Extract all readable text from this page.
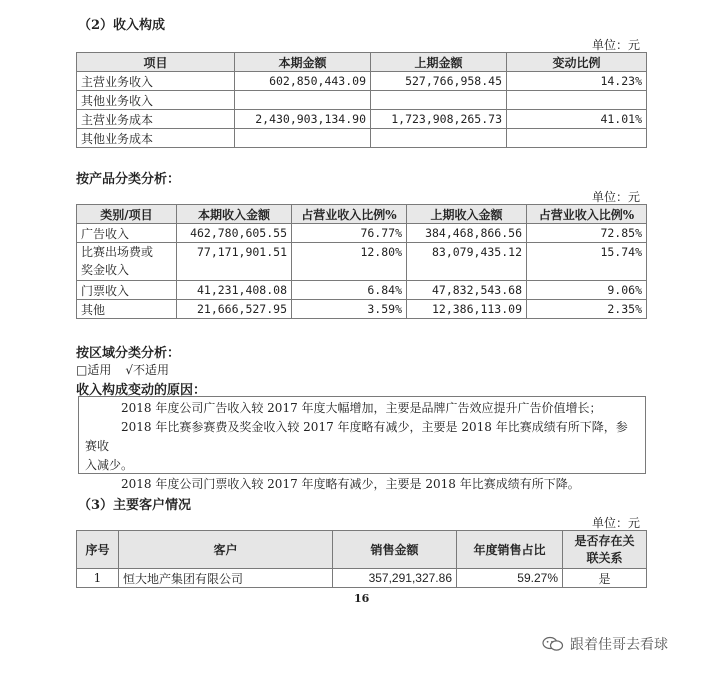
（2）收入构成
单位：元
项目	本期金额	上期金额	变动比例
主营业务收入	602,850,443.09	527,766,958.45	14.23%
其他业务收入			
主营业务成本	2,430,903,134.90	1,723,908,265.73	41.01%
其他业务成本			
按产品分类分析：
单位：元
类别/项目	本期收入金额	占营业收入比例%	上期收入金额	占营业收入比例%
广告收入	462,780,605.55	76.77%	384,468,866.56	72.85%

比赛出场费或
奖金收入	77,171,901.51	12.80%	83,079,435.12	15.74%
门票收入	41,231,408.08	6.84%	47,832,543.68	9.06%
其他	21,666,527.95	3.59%	12,386,113.09	2.35%
按区域分类分析：
□适用 √不适用
收入构成变动的原因：

2018 年度公司广告收入较 2017 年度大幅增加，主要是品牌广告效应提升广告价值增长；

2018 年比赛参赛费及奖金收入较 2017 年度略有减少，主要是 2018 年比赛成绩有所下降，参赛收

入减少。

2018 年度公司门票收入较 2017 年度略有减少，主要是 2018 年比赛成绩有所下降。

（3）主要客户情况
单位：元
序号	客户	销售金额	年度销售占比	是否存在关
联关系

1	恒大地产集团有限公司	357,291,327.86	59.27%	是
16
跟着佳哥去看球
